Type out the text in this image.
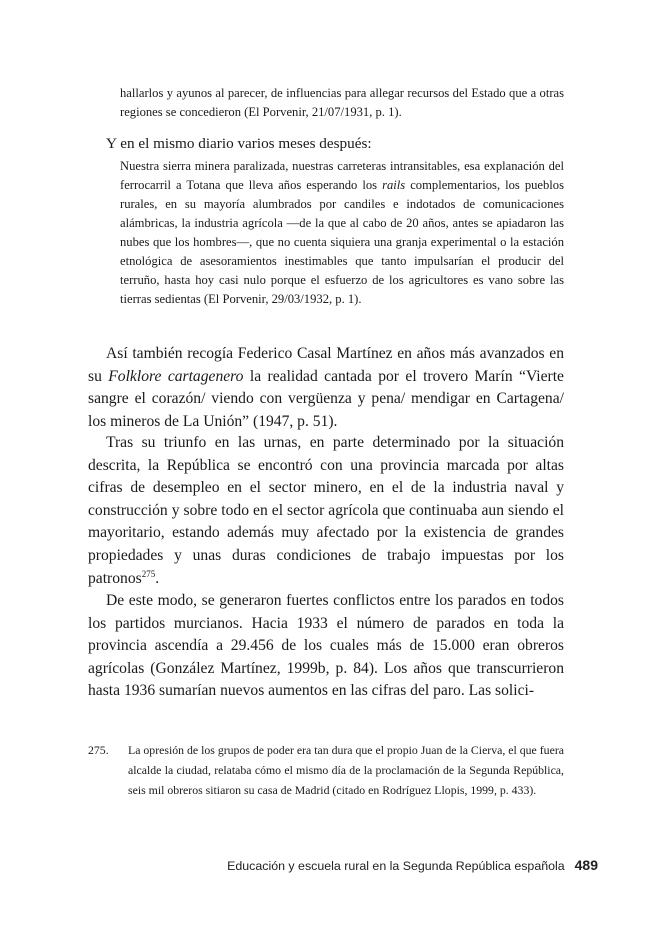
hallarlos y ayunos al parecer, de influencias para allegar recursos del Estado que a otras regiones se concedieron (El Porvenir, 21/07/1931, p. 1).
Y en el mismo diario varios meses después:
Nuestra sierra minera paralizada, nuestras carreteras intransitables, esa explanación del ferrocarril a Totana que lleva años esperando los rails complementarios, los pueblos rurales, en su mayoría alumbrados por candiles e indotados de comunicaciones alámbricas, la industria agrícola —de la que al cabo de 20 años, antes se apiadaron las nubes que los hombres—, que no cuenta siquiera una granja experimental o la estación etnológica de asesoramientos inestimables que tanto impulsarían el producir del terruño, hasta hoy casi nulo porque el esfuerzo de los agricultores es vano sobre las tierras sedientas (El Porvenir, 29/03/1932, p. 1).

Así también recogía Federico Casal Martínez en años más avanzados en su Folklore cartagenero la realidad cantada por el trovero Marín “Vierte sangre el corazón/ viendo con vergüenza y pena/ mendigar en Cartagena/ los mineros de La Unión” (1947, p. 51).

Tras su triunfo en las urnas, en parte determinado por la situación descrita, la República se encontró con una provincia marcada por altas cifras de desempleo en el sector minero, en el de la industria naval y construcción y sobre todo en el sector agrícola que continuaba aun siendo el mayoritario, estando además muy afectado por la existencia de grandes propiedades y unas duras condiciones de trabajo impuestas por los patronos$^{275}$.

De este modo, se generaron fuertes conflictos entre los parados en todos los partidos murcianos. Hacia 1933 el número de parados en toda la provincia ascendía a 29.456 de los cuales más de 15.000 eran obreros agrícolas (González Martínez, 1999b, p. 84). Los años que transcurrieron hasta 1936 sumarían nuevos aumentos en las cifras del paro. Las solici-

275.	La opresión de los grupos de poder era tan dura que el propio Juan de la Cierva, el que fuera alcalde la ciudad, relataba cómo el mismo día de la proclamación de la Segunda República, seis mil obreros sitiaron su casa de Madrid (citado en Rodríguez Llopis, 1999, p. 433).
Educación y escuela rural en la Segunda República española 489
